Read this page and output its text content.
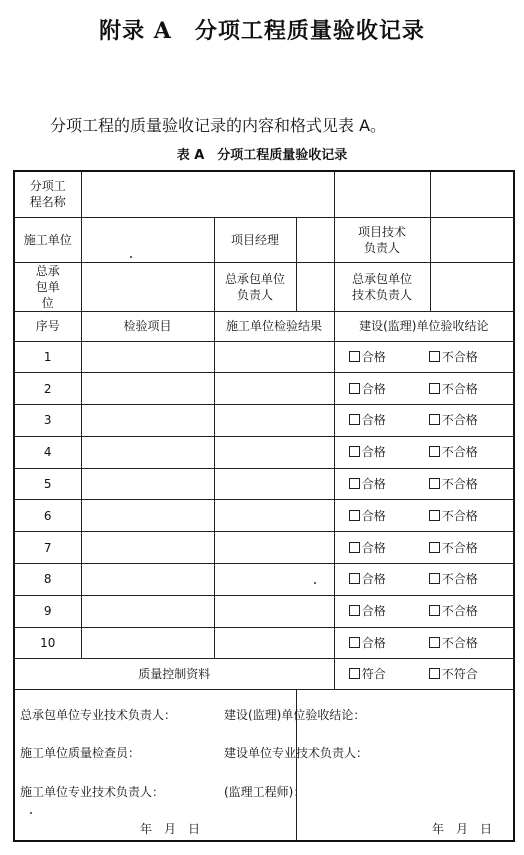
附录 A　分项工程质量验收记录
分项工程的质量验收记录的内容和格式见表 A。
表 A　分项工程质量验收记录
分项工程名称					
施工单位		项目经理		项目技术负责人	
总承包单位		总承包单位负责人		总承包单位技术负责人	
序号	检验项目	施工单位检验结果		建设(监理)单位验收结论	
1				合格 不合格	
2				合格 不合格	
3				合格 不合格	
4				合格 不合格	
5				合格 不合格	
6				合格 不合格	
7				合格 不合格	
8				合格 不合格	
9				合格 不合格	
10				合格 不合格	
质量控制资料				符合 不符合	

总承包单位专业技术负责人：	建设(监理)单位验收结论：
施工单位质量检查员：	建设单位专业技术负责人：
施工单位专业技术负责人：	(监理工程师)：
年　月　日	年　月　日
